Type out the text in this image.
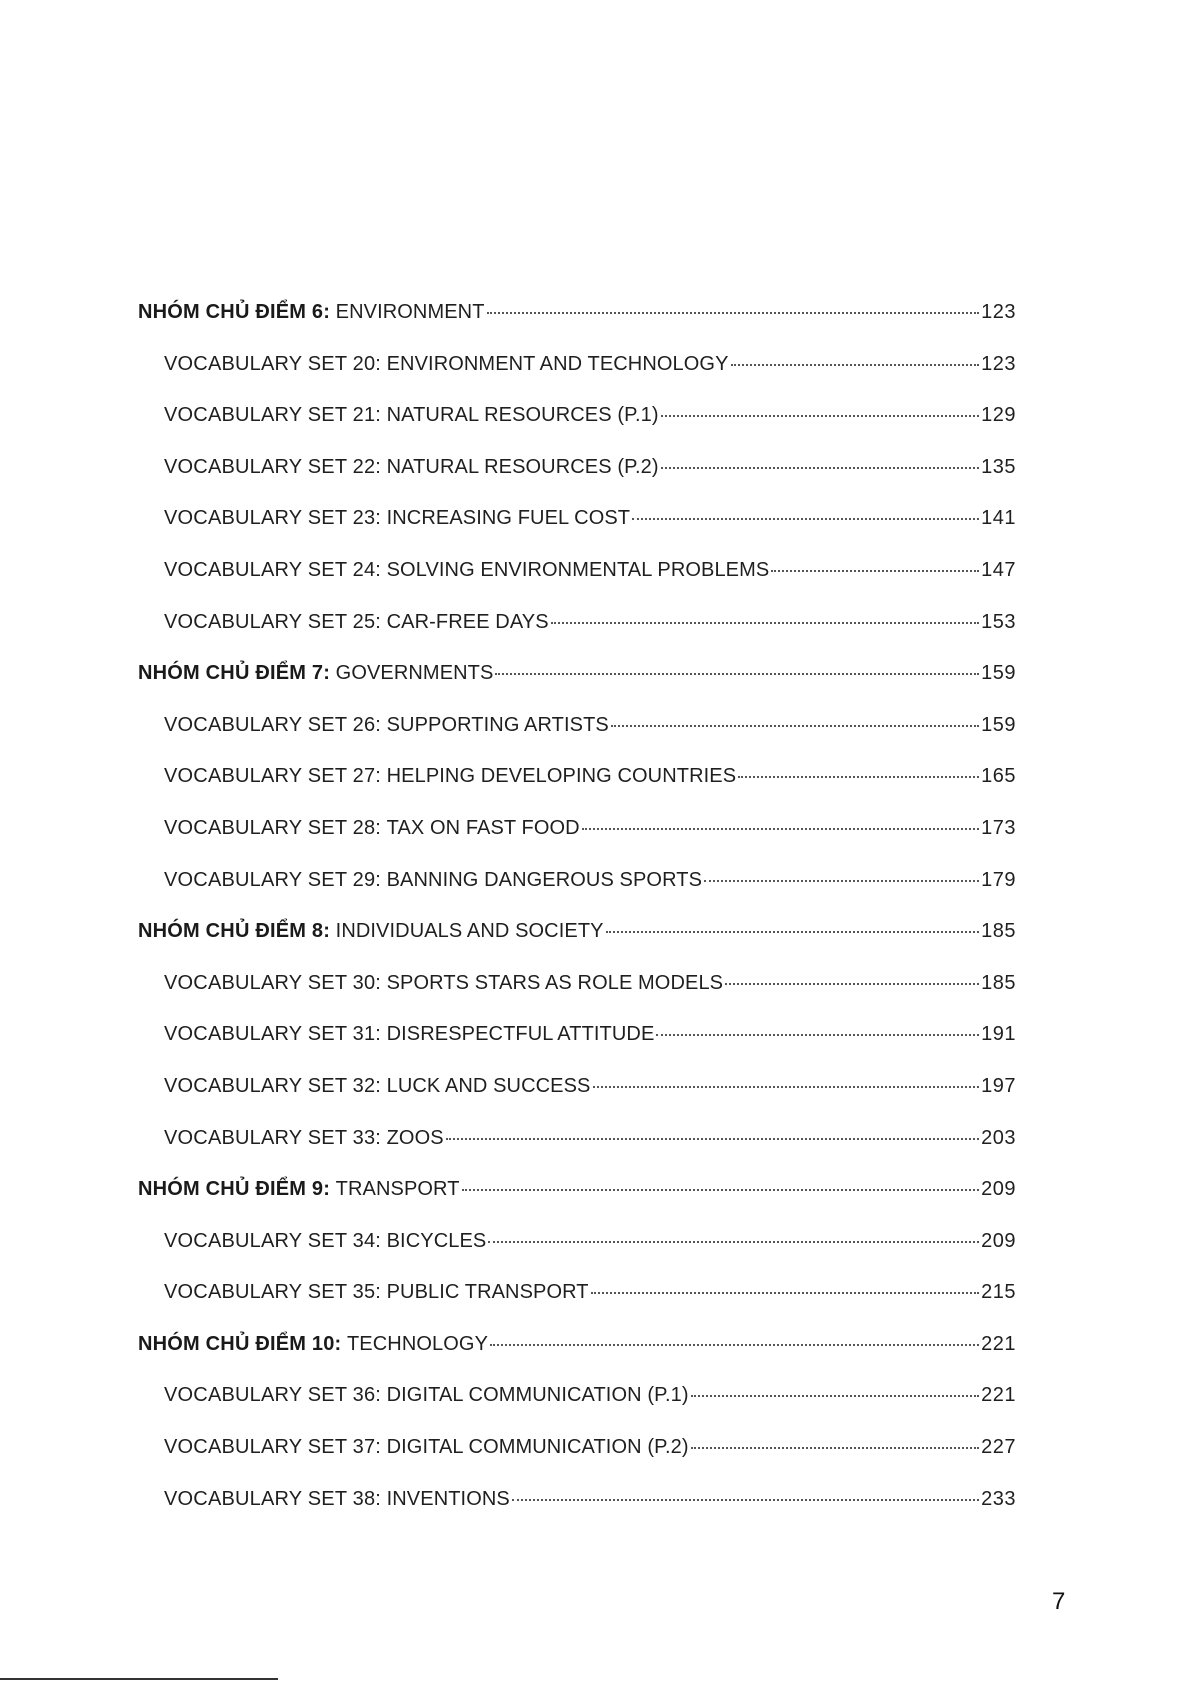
NHÓM CHỦ ĐIỂM 6:
ENVIRONMENT	123
VOCABULARY SET 20:
ENVIRONMENT AND TECHNOLOGY	123
VOCABULARY SET 21:
NATURAL RESOURCES (P.1)	129
VOCABULARY SET 22:
NATURAL RESOURCES (P.2)	135
VOCABULARY SET 23:
INCREASING FUEL COST	141
VOCABULARY SET 24:
SOLVING ENVIRONMENTAL PROBLEMS	147
VOCABULARY SET 25:
CAR-FREE DAYS	153
NHÓM CHỦ ĐIỂM 7:
GOVERNMENTS	159
VOCABULARY SET 26:
SUPPORTING ARTISTS	159
VOCABULARY SET 27:
HELPING DEVELOPING COUNTRIES	165
VOCABULARY SET 28:
TAX ON FAST FOOD	173
VOCABULARY SET 29:
BANNING DANGEROUS SPORTS	179
NHÓM CHỦ ĐIỂM 8:
INDIVIDUALS AND SOCIETY	185
VOCABULARY SET 30:
SPORTS STARS AS ROLE MODELS	185
VOCABULARY SET 31:
DISRESPECTFUL ATTITUDE	191
VOCABULARY SET 32:
LUCK AND SUCCESS	197
VOCABULARY SET 33:
ZOOS	203
NHÓM CHỦ ĐIỂM 9:
TRANSPORT	209
VOCABULARY SET 34:
BICYCLES	209
VOCABULARY SET 35:
PUBLIC TRANSPORT	215
NHÓM CHỦ ĐIỂM 10:
TECHNOLOGY	221
VOCABULARY SET 36:
DIGITAL COMMUNICATION (P.1)	221
VOCABULARY SET 37:
DIGITAL COMMUNICATION (P.2)	227
VOCABULARY SET 38:
INVENTIONS	233
7
